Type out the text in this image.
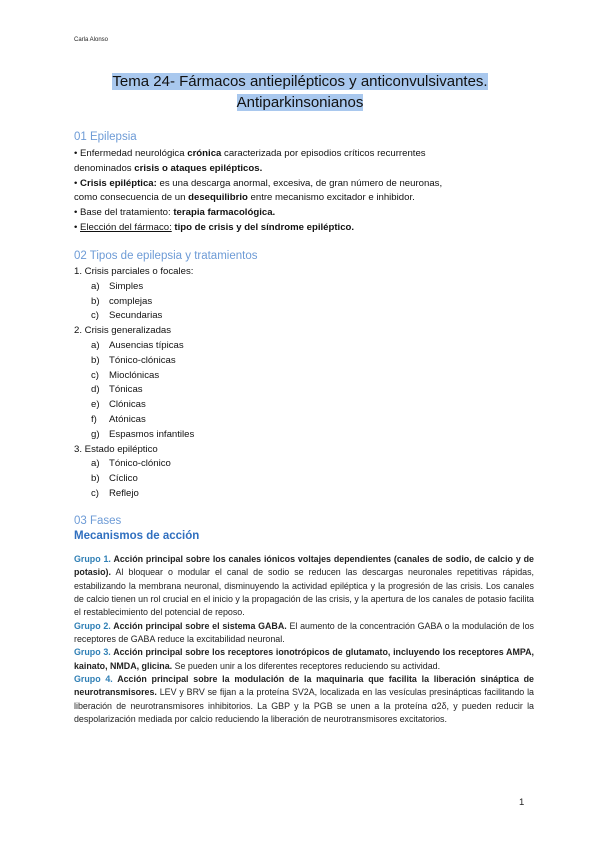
Carla Alonso
Tema 24- Fármacos antiepilépticos y anticonvulsivantes.
Antiparkinsonianos
01 Epilepsia
• Enfermedad neurológica crónica caracterizada por episodios críticos recurrentes
denominados crisis o ataques epilépticos.
• Crisis epiléptica: es una descarga anormal, excesiva, de gran número de neuronas,
como consecuencia de un desequilibrio entre mecanismo excitador e inhibidor.
• Base del tratamiento: terapia farmacológica.
• Elección del fármaco: tipo de crisis y del síndrome epiléptico.
02 Tipos de epilepsia y tratamientos
1. Crisis parciales o focales:
a) Simples
b) complejas
c) Secundarias
2. Crisis generalizadas
a) Ausencias típicas
b) Tónico-clónicas
c) Mioclónicas
d) Tónicas
e) Clónicas
f) Atónicas
g) Espasmos infantiles
3. Estado epiléptico
a) Tónico-clónico
b) Cíclico
c) Reflejo
03 Fases
Mecanismos de acción

Grupo 1. Acción principal sobre los canales iónicos voltajes dependientes (canales de sodio, de calcio y de potasio). Al bloquear o modular el canal de sodio se reducen las descargas neuronales repetitivas rápidas, estabilizando la membrana neuronal, disminuyendo la actividad epiléptica y la progresión de las crisis. Los canales de calcio tienen un rol crucial en el inicio y la propagación de las crisis, y la apertura de los canales de potasio facilita el restablecimiento del potencial de reposo.

Grupo 2. Acción principal sobre el sistema GABA. El aumento de la concentración GABA o la modulación de los receptores de GABA reduce la excitabilidad neuronal.

Grupo 3. Acción principal sobre los receptores ionotrópicos de glutamato, incluyendo los receptores AMPA, kainato, NMDA, glicina. Se pueden unir a los diferentes receptores reduciendo su actividad.

Grupo 4. Acción principal sobre la modulación de la maquinaria que facilita la liberación sináptica de neurotransmisores. LEV y BRV se fijan a la proteína SV2A, localizada en las vesículas presinápticas facilitando la liberación de neurotransmisores inhibitorios. La GBP y la PGB se unen a la proteína α2δ, y pueden reducir la despolarización mediada por calcio reduciendo la liberación de neurotransmisores excitatorios.

1
